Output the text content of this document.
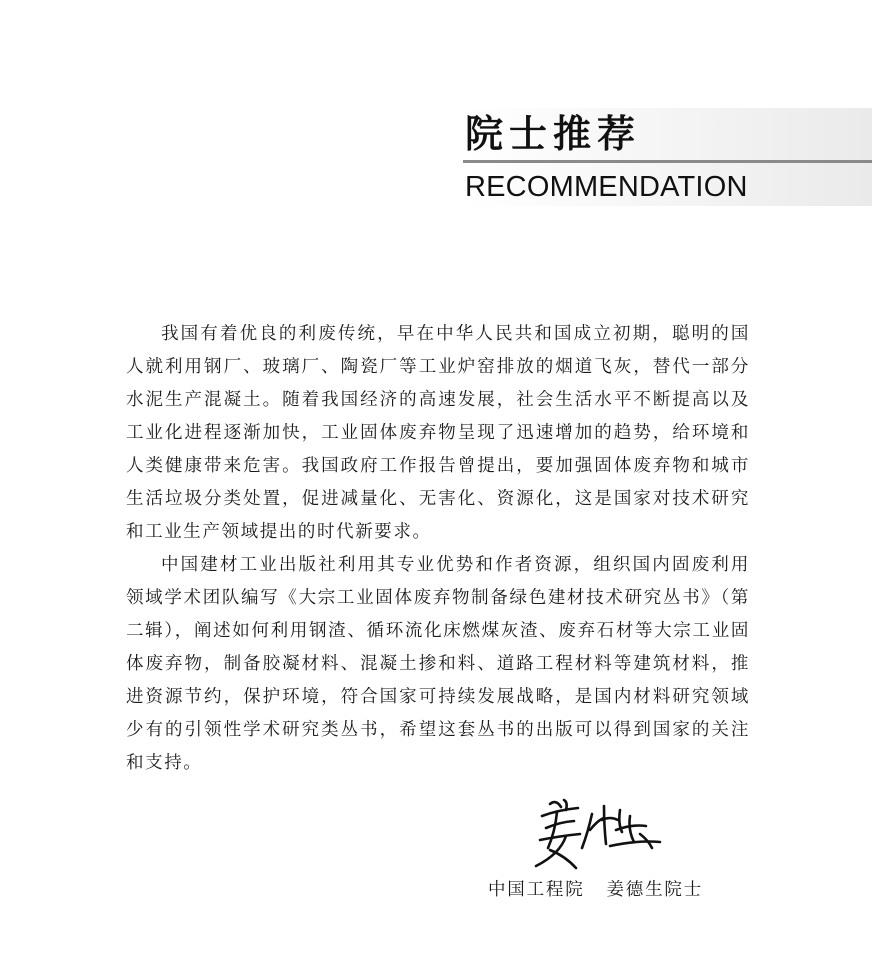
院士推荐
RECOMMENDATION

我国有着优良的利废传统，早在中华人民共和国成立初期，聪明的国人就利用钢厂、玻璃厂、陶瓷厂等工业炉窑排放的烟道飞灰，替代一部分水泥生产混凝土。随着我国经济的高速发展，社会生活水平不断提高以及工业化进程逐渐加快，工业固体废弃物呈现了迅速增加的趋势，给环境和人类健康带来危害。我国政府工作报告曾提出，要加强固体废弃物和城市生活垃圾分类处置，促进减量化、无害化、资源化，这是国家对技术研究和工业生产领域提出的时代新要求。

中国建材工业出版社利用其专业优势和作者资源，组织国内固废利用领域学术团队编写《大宗工业固体废弃物制备绿色建材技术研究丛书》（第二辑），阐述如何利用钢渣、循环流化床燃煤灰渣、废弃石材等大宗工业固体废弃物，制备胶凝材料、混凝土掺和料、道路工程材料等建筑材料，推进资源节约，保护环境，符合国家可持续发展战略，是国内材料研究领域少有的引领性学术研究类丛书，希望这套丛书的出版可以得到国家的关注和支持。

中国工程院 姜德生院士
